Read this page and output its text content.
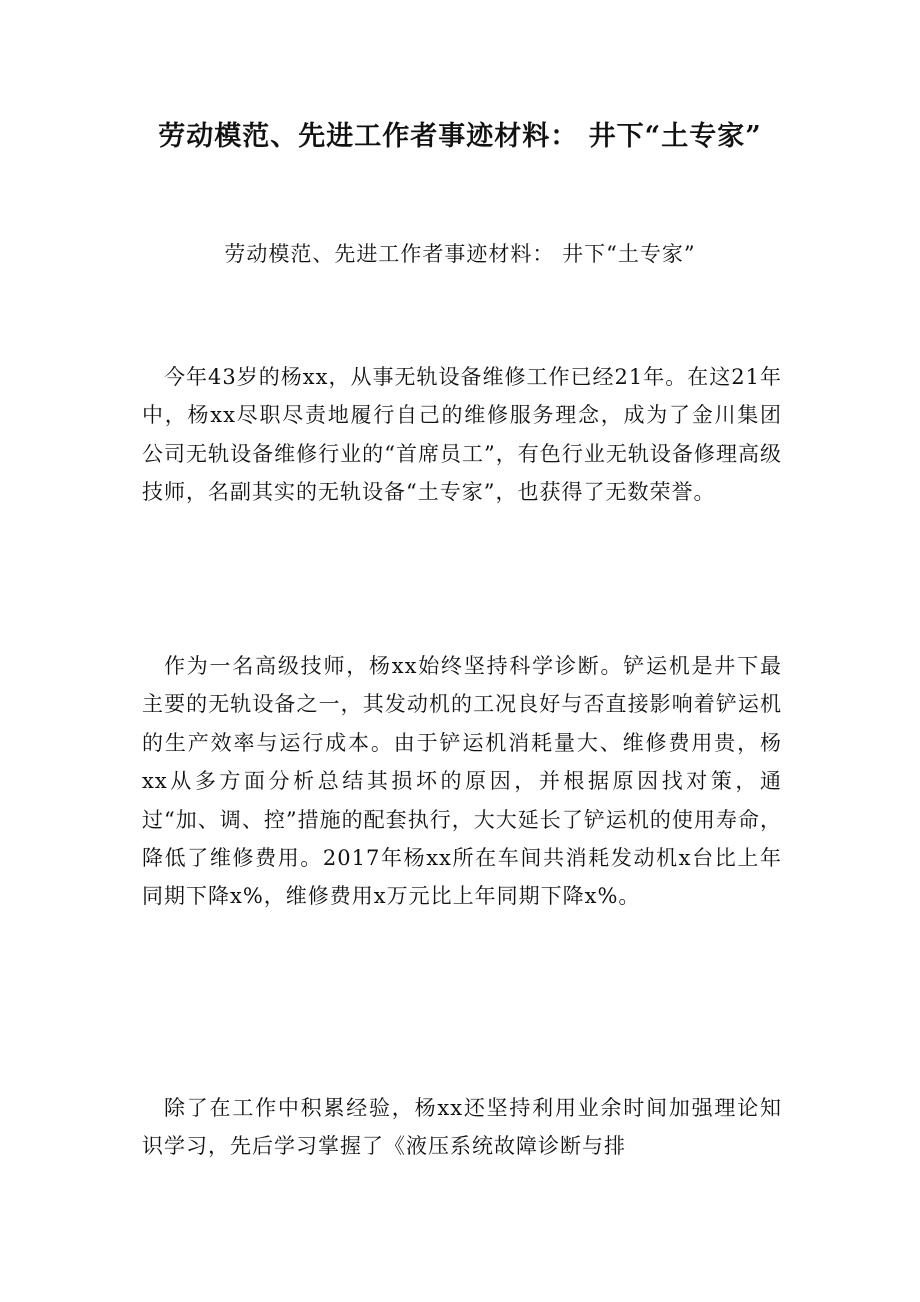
劳动模范、先进工作者事迹材料： 井下“土专家”

劳动模范、先进工作者事迹材料： 井下“土专家”

今年43岁的杨xx，从事无轨设备维修工作已经21年。在这21年中，杨xx尽职尽责地履行自己的维修服务理念，成为了金川集团公司无轨设备维修行业的“首席员工”，有色行业无轨设备修理高级技师，名副其实的无轨设备“土专家”，也获得了无数荣誉。

作为一名高级技师，杨xx始终坚持科学诊断。铲运机是井下最主要的无轨设备之一，其发动机的工况良好与否直接影响着铲运机的生产效率与运行成本。由于铲运机消耗量大、维修费用贵，杨xx从多方面分析总结其损坏的原因，并根据原因找对策，通过“加、调、控”措施的配套执行，大大延长了铲运机的使用寿命，降低了维修费用。2017年杨xx所在车间共消耗发动机x台比上年同期下降x%，维修费用x万元比上年同期下降x%。

除了在工作中积累经验，杨xx还坚持利用业余时间加强理论知识学习，先后学习掌握了《液压系统故障诊断与排
